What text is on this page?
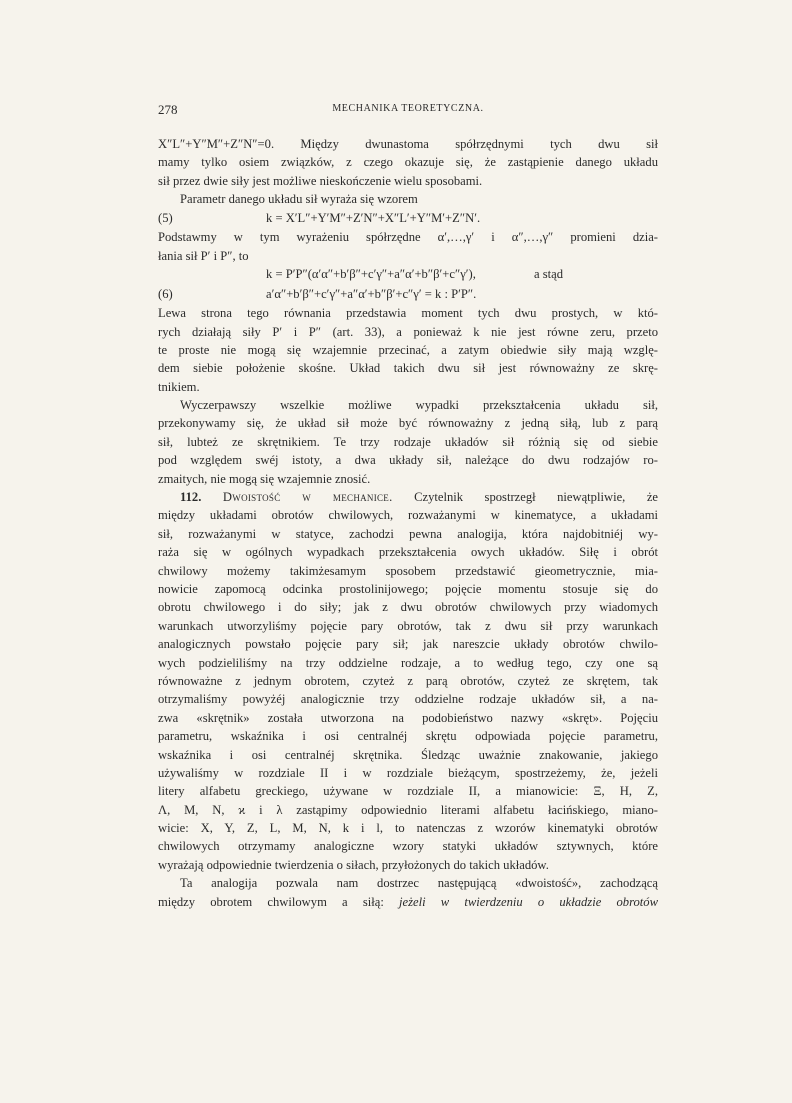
278	MECHANIKA TEORETYCZNA.
X″L″+Y″M″+Z″N″=0. Między dwunastoma spółrzędnymi tych dwu sił
mamy tylko osiem związków, z czego okazuje się, że zastąpienie danego układu
sił przez dwie siły jest możliwe nieskończenie wielu sposobami.
Parametr danego układu sił wyraża się wzorem
(5)	k = X′L″+Y′M″+Z′N″+X″L′+Y″M′+Z″N′.
Podstawmy w tym wyrażeniu spółrzędne α′,…,γ′ i α″,…,γ″ promieni dzia-
łania sił P′ i P″, to
k = P′P″(α′α″+b′β″+c′γ″+a″α′+b″β′+c″γ′),	a stąd
(6)	a′α″+b′β″+c′γ″+a″α′+b″β′+c″γ′ = k : P′P″.
Lewa strona tego równania przedstawia moment tych dwu prostych, w któ-
rych działają siły P′ i P″ (art. 33), a ponieważ k nie jest równe zeru, przeto
te proste nie mogą się wzajemnie przecinać, a zatym obiedwie siły mają wzglę-
dem siebie położenie skośne. Układ takich dwu sił jest równoważny ze skrę-
tnikiem.
Wyczerpawszy wszelkie możliwe wypadki przekształcenia układu sił,
przekonywamy się, że układ sił może być równoważny z jedną siłą, lub z parą
sił, lubteż ze skrętnikiem. Te trzy rodzaje układów sił różnią się od siebie
pod względem swéj istoty, a dwa układy sił, należące do dwu rodzajów ro-
zmaitych, nie mogą się wzajemnie znosić.
112. Dwoistość w mechanice. Czytelnik spostrzegł niewątpliwie, że
między układami obrotów chwilowych, rozważanymi w kinematyce, a układami
sił, rozważanymi w statyce, zachodzi pewna analogija, która najdobitniéj wy-
raża się w ogólnych wypadkach przekształcenia owych układów. Siłę i obrót
chwilowy możemy takimżesamym sposobem przedstawić gieometrycznie, mia-
nowicie zapomocą odcinka prostolinijowego; pojęcie momentu stosuje się do
obrotu chwilowego i do siły; jak z dwu obrotów chwilowych przy wiadomych
warunkach utworzyliśmy pojęcie pary obrotów, tak z dwu sił przy warunkach
analogicznych powstało pojęcie pary sił; jak nareszcie układy obrotów chwilo-
wych podzieliliśmy na trzy oddzielne rodzaje, a to według tego, czy one są
równoważne z jednym obrotem, czyteż z parą obrotów, czyteż ze skrętem, tak
otrzymaliśmy powyżéj analogicznie trzy oddzielne rodzaje układów sił, a na-
zwa «skrętnik» została utworzona na podobieństwo nazwy «skręt». Pojęciu
parametru, wskaźnika i osi centralnéj skrętu odpowiada pojęcie parametru,
wskaźnika i osi centralnéj skrętnika. Śledząc uważnie znakowanie, jakiego
używaliśmy w rozdziale II i w rozdziale bieżącym, spostrzeżemy, że, jeżeli
litery alfabetu greckiego, używane w rozdziale II, a mianowicie: Ξ, H, Z,
Λ, M, N, ϰ i λ zastąpimy odpowiednio literami alfabetu łacińskiego, miano-
wicie: X, Y, Z, L, M, N, k i l, to natenczas z wzorów kinematyki obrotów
chwilowych otrzymamy analogiczne wzory statyki układów sztywnych, które
wyrażają odpowiednie twierdzenia o siłach, przyłożonych do takich układów.
Ta analogija pozwala nam dostrzec następującą «dwoistość», zachodzącą
między obrotem chwilowym a siłą: jeżeli w twierdzeniu o układzie obrotów
